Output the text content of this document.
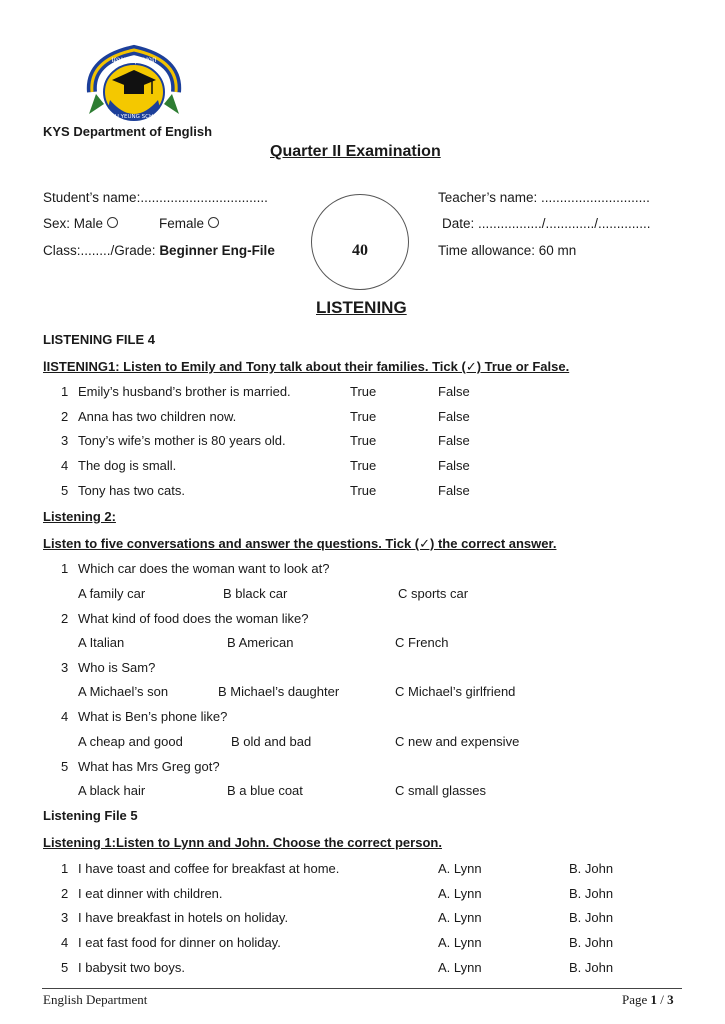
ឆ្ពោះទៅគុណភាព
KROU YEUNG SCHOOL
KYS Department of English
Quarter II Examination
Student’s name:..................................	Teacher’s name: .............................
Sex: Male	Female	Date: ................./............./..............
Class:......../Grade: Beginner Eng-File	40	Time allowance: 60 mn
LISTENING
LISTENING FILE 4
lISTENING1: Listen to Emily and Tony talk about their families. Tick (✓) True or False.
1 Emily’s husband’s brother is married.	True	False
2 Anna has two children now.	True	False
3 Tony’s wife’s mother is 80 years old.	True	False
4 The dog is small.	True	False
5 Tony has two cats.	True	False
Listening 2:
Listen to five conversations and answer the questions. Tick (✓) the correct answer.
1 Which car does the woman want to look at?
A family car	B black car	C sports car
2 What kind of food does the woman like?
A Italian	B American	C French
3 Who is Sam?
A Michael’s son	B Michael’s daughter	C Michael’s girlfriend
4 What is Ben’s phone like?
A cheap and good	B old and bad	C new and expensive
5 What has Mrs Greg got?
A black hair	B a blue coat	C small glasses
Listening File 5
Listening 1:Listen to Lynn and John. Choose the correct person.
1 I have toast and coffee for breakfast at home.	A. Lynn	B. John
2 I eat dinner with children.	A. Lynn	B. John
3 I have breakfast in hotels on holiday.	A. Lynn	B. John
4 I eat fast food for dinner on holiday.	A. Lynn	B. John
5 I babysit two boys.	A. Lynn	B. John
English Department	Page 1 / 3
